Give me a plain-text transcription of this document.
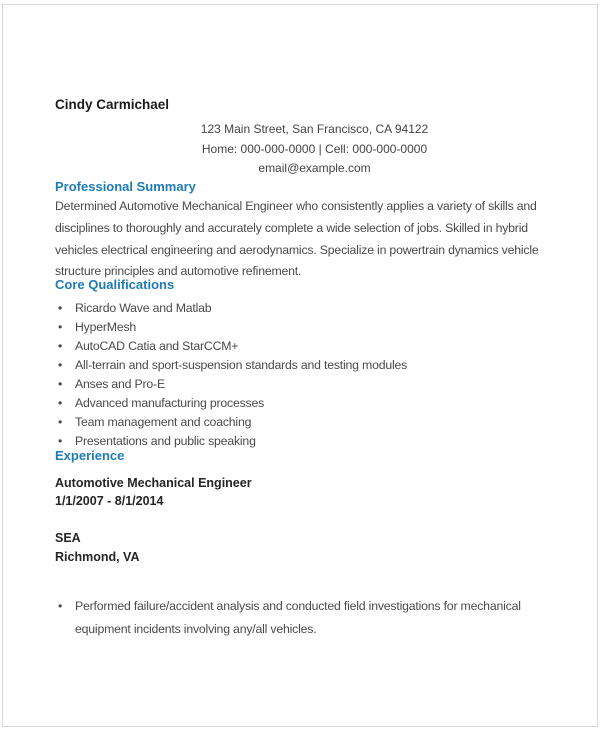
Cindy Carmichael
123 Main Street, San Francisco, CA 94122
Home: 000-000-0000 | Cell: 000-000-0000
email@example.com
Professional Summary
Determined Automotive Mechanical Engineer who consistently applies a variety of skills and disciplines to thoroughly and accurately complete a wide selection of jobs. Skilled in hybrid vehicles electrical engineering and aerodynamics. Specialize in powertrain dynamics vehicle structure principles and automotive refinement.
Core Qualifications
• Ricardo Wave and Matlab
• HyperMesh
• AutoCAD Catia and StarCCM+
• All-terrain and sport-suspension standards and testing modules
• Anses and Pro-E
• Advanced manufacturing processes
• Team management and coaching
• Presentations and public speaking
Experience
Automotive Mechanical Engineer
1/1/2007 - 8/1/2014
SEA
Richmond, VA
• Performed failure/accident analysis and conducted field investigations for mechanical equipment incidents involving any/all vehicles.
